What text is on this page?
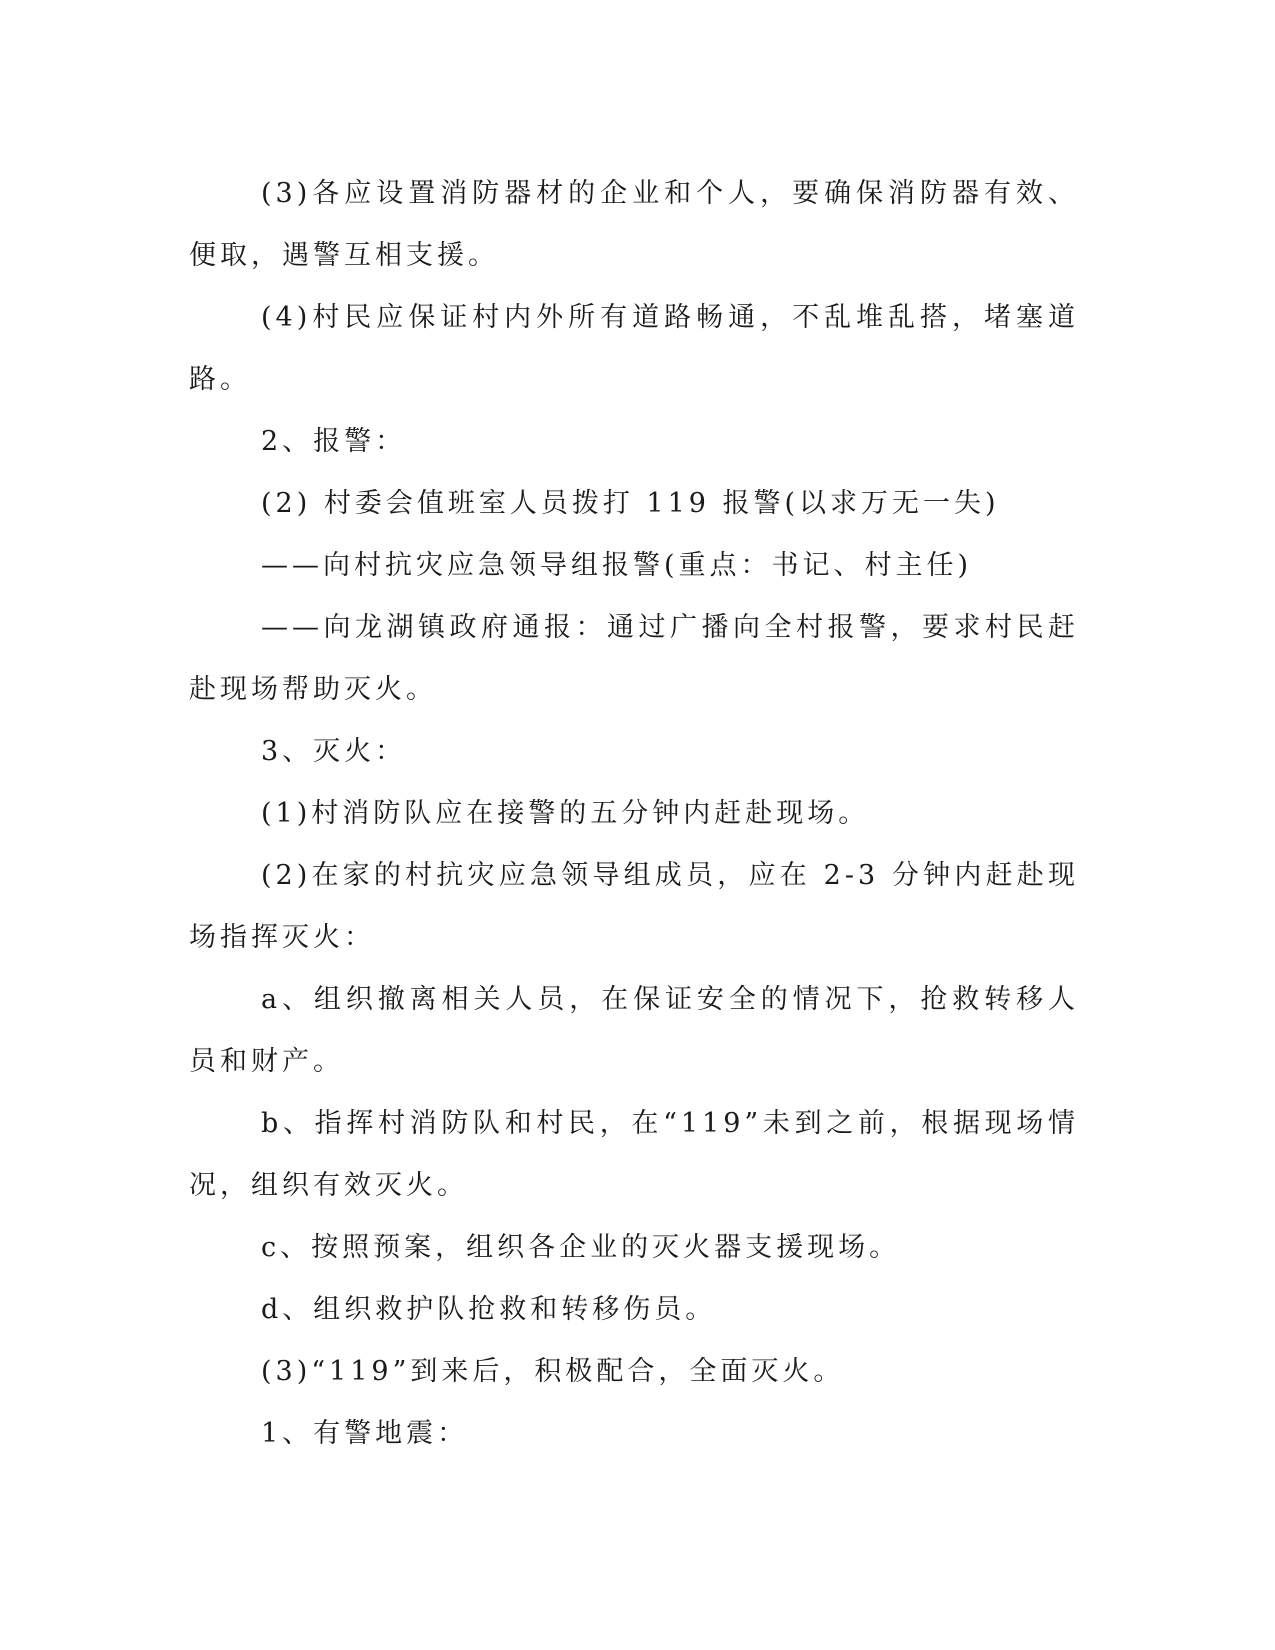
(3)各应设置消防器材的企业和个人，要确保消防器有效、便取，遇警互相支援。

(4)村民应保证村内外所有道路畅通，不乱堆乱搭，堵塞道路。

2、报警：

(2) 村委会值班室人员拨打 119 报警(以求万无一失)

——向村抗灾应急领导组报警(重点：书记、村主任)

——向龙湖镇政府通报：通过广播向全村报警，要求村民赶赴现场帮助灭火。

3、灭火：

(1)村消防队应在接警的五分钟内赶赴现场。

(2)在家的村抗灾应急领导组成员，应在 2-3 分钟内赶赴现场指挥灭火：

a、组织撤离相关人员，在保证安全的情况下，抢救转移人员和财产。

b、指挥村消防队和村民，在“119”未到之前，根据现场情况，组织有效灭火。

c、按照预案，组织各企业的灭火器支援现场。

d、组织救护队抢救和转移伤员。

(3)“119”到来后，积极配合，全面灭火。

1、有警地震：
